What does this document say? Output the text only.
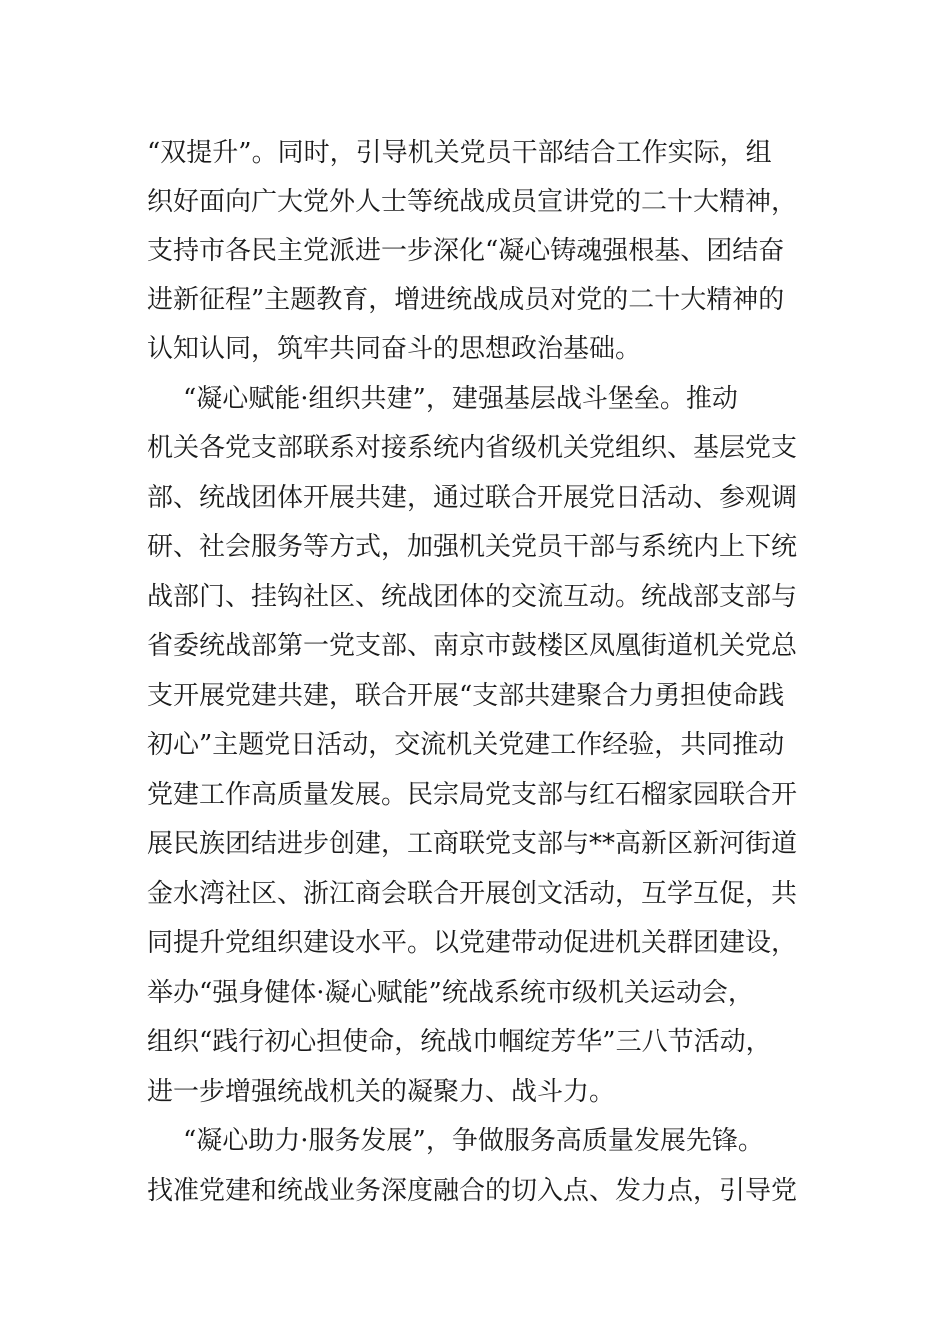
“双提升”。同时，引导机关党员干部结合工作实际，组
织好面向广大党外人士等统战成员宣讲党的二十大精神，
支持市各民主党派进一步深化“凝心铸魂强根基、团结奋
进新征程”主题教育，增进统战成员对党的二十大精神的
认知认同，筑牢共同奋斗的思想政治基础。
“凝心赋能·组织共建”，建强基层战斗堡垒。推动
机关各党支部联系对接系统内省级机关党组织、基层党支
部、统战团体开展共建，通过联合开展党日活动、参观调
研、社会服务等方式，加强机关党员干部与系统内上下统
战部门、挂钩社区、统战团体的交流互动。统战部支部与
省委统战部第一党支部、南京市鼓楼区凤凰街道机关党总
支开展党建共建，联合开展“支部共建聚合力勇担使命践
初心”主题党日活动，交流机关党建工作经验，共同推动
党建工作高质量发展。民宗局党支部与红石榴家园联合开
展民族团结进步创建，工商联党支部与**高新区新河街道
金水湾社区、浙江商会联合开展创文活动，互学互促，共
同提升党组织建设水平。以党建带动促进机关群团建设，
举办“强身健体·凝心赋能”统战系统市级机关运动会，
组织“践行初心担使命，统战巾帼绽芳华”三八节活动，
进一步增强统战机关的凝聚力、战斗力。
“凝心助力·服务发展”，争做服务高质量发展先锋。
找准党建和统战业务深度融合的切入点、发力点，引导党
